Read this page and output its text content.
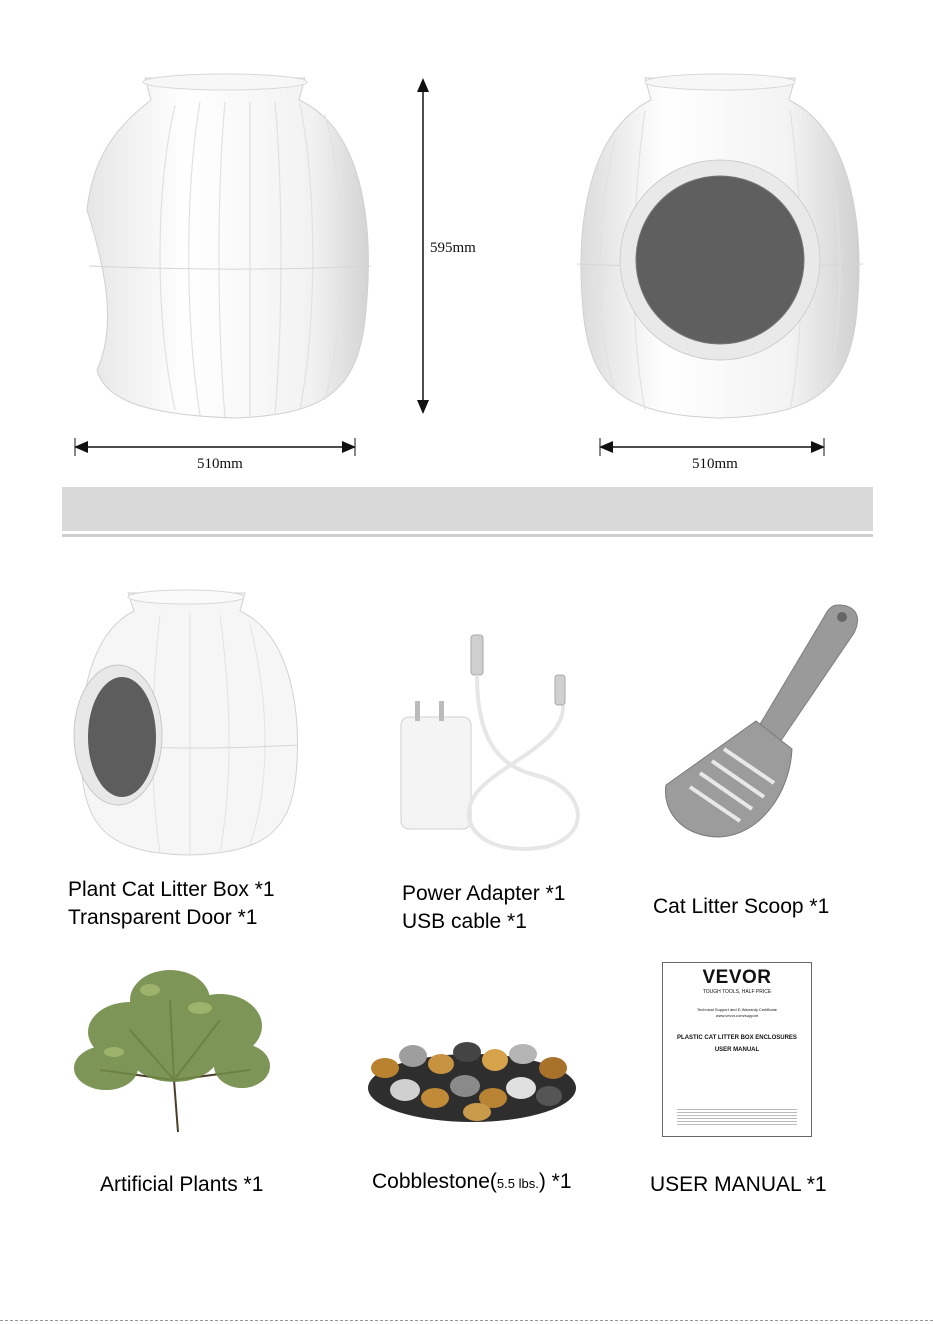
595mm
510mm	510mm
Plant Cat Litter Box *1
Transparent Door *1
Power Adapter *1
USB cable *1
Cat Litter Scoop *1
Artificial Plants *1	Cobblestone(5.5 lbs.) *1
VEVOR
TOUGH TOOLS, HALF PRICE
Technical Support and E-Warranty Certificate
www.vevor.com/support
PLASTIC CAT LITTER BOX ENCLOSURES
USER MANUAL
USER MANUAL *1
